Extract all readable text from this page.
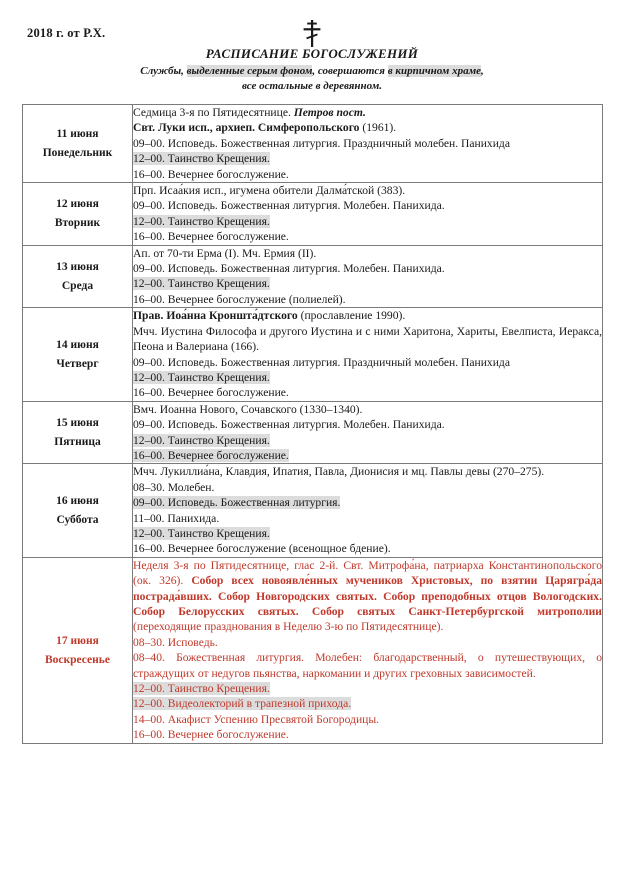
2018 г. от Р.Х.
РАСПИСАНИЕ БОГОСЛУЖЕНИЙ
Службы, выделенные серым фоном, совершаются в кирпичном храме,
все остальные в деревянном.
11 июня
Понедельник

Седмица 3-я по Пятидесятнице. Петров пост.
Свт. Луки исп., архиеп. Симферопольского (1961).
09–00. Исповедь. Божественная литургия. Праздничный молебен. Панихида
12–00. Таинство Крещения.
16–00. Вечернее богослужение.

12 июня
Вторник

Прп. Исаа́кия исп., игумена обители Далма́тской (383).
09–00. Исповедь. Божественная литургия. Молебен. Панихида.
12–00. Таинство Крещения.
16–00. Вечернее богослужение.

13 июня
Среда

Ап. от 70-ти Ерма (I). Мч. Ермия (II).
09–00. Исповедь. Божественная литургия. Молебен. Панихида.
12–00. Таинство Крещения.
16–00. Вечернее богослужение (полиелей).

14 июня
Четверг

Прав. Иоа́нна Кроншта́дтского (прославление 1990).
Мчч. Иустина Философа и другого Иустина и с ними Харитона, Хариты, Евелписта, Иеракса, Пеона и Валериана (166).
09–00. Исповедь. Божественная литургия. Праздничный молебен. Панихида
12–00. Таинство Крещения.
16–00. Вечернее богослужение.

15 июня
Пятница

Вмч. Иоанна Нового, Сочавского (1330–1340).
09–00. Исповедь. Божественная литургия. Молебен. Панихида.
12–00. Таинство Крещения.
16–00. Вечернее богослужение.

16 июня
Суббота

Мчч. Лукиллиа́на, Клавдия, Ипатия, Павла, Дионисия и мц. Павлы девы (270–275).
08–30. Молебен.
09–00. Исповедь. Божественная литургия.
11–00. Панихида.
12–00. Таинство Крещения.
16–00. Вечернее богослужение (всенощное бдение).

17 июня
Воскресенье

Неделя 3-я по Пятидесятнице, глас 2-й. Свт. Митрофа́на, патриарха Константинопольского (ок. 326). Собор всех новоявле́нных мучеников Христовых, по взятии Царягра́да пострада́вших. Собор Новгородских святых. Собор преподобных отцов Вологодских. Собор Белорусских святых. Собор святых Санкт-Петербургской митрополии (переходящие празднования в Неделю 3-ю по Пятидесятнице).
08–30. Исповедь.
08–40. Божественная литургия. Молебен: благодарственный, о путешествующих, о страждущих от недугов пьянства, наркомании и других греховных зависимостей.
12–00. Таинство Крещения.
12–00. Видеолекторий в трапезной прихода.
14–00. Акафист Успению Пресвятой Богородицы.
16–00. Вечернее богослужение.
